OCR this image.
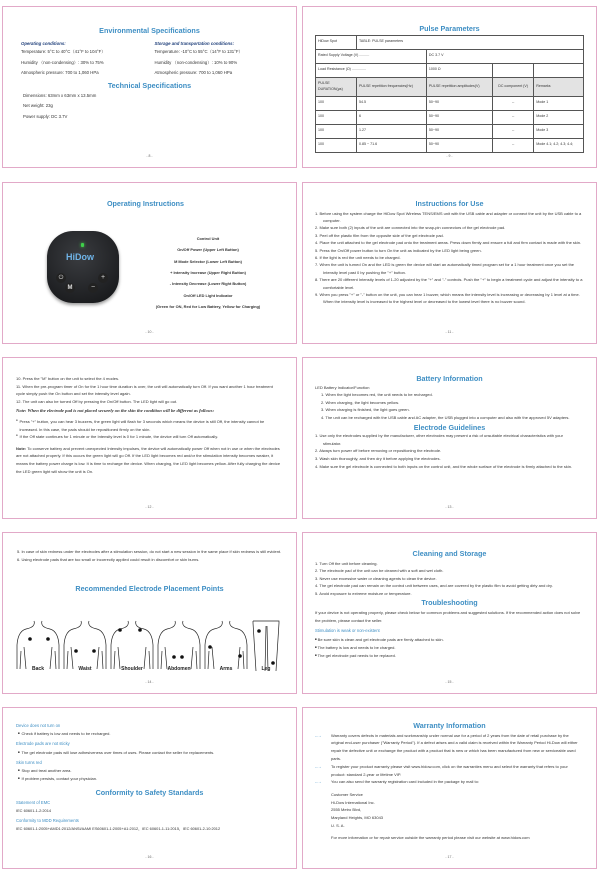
Environmental Specifications
Operating conditions:
Temperature: 5°C to 40°C（41°F to 104°F）
Humidity （non-condensing）: 30% to 75%
Atmospheric pressure: 700 to 1,060 HPa
Storage and transportation conditions:
Temperature: -10°C to 55°C（14°F to 131°F）
Humidity （non-condensing）: 10% to 90%
Atmospheric pressure: 700 to 1,060 HPa
Technical Specifications
Dimensions: 63mm x 63mm x 13.5mm
Net weight: 23g
Power supply: DC 3.7V
- 8 -
Pulse Parameters
HiDow Spot	TABLE: PULSE parameters			
Rated Supply Voltage (V) ..........		DC 3.7 V		
Load Resistance (Ω) ..............		1000 Ω		
PULSE DURATION(μs)	PULSE repetition frequencies(Hz)	PULSE repetition amplitudes(V)	DC component (V)	Remarks
100	54.5	50~90	--	Mode 1
100	6	50~90	--	Mode 2
100	1.27	50~90	--	Mode 3
100	0.85 ~ 71.6	50~90	--	Mode 4.1; 4.2; 4.3; 4.4;
- 9 -
Operating Instructions
HiDow
⏻
M	−
+
Control Unit
On/Off Power (Upper Left Button)
M Mode Selector (Lower Left Button)
+ Intensity Increase (Upper Right Button)
- Intensity Decrease (Lower Right Button)
On/Off LED Light Indicator
(Green for ON, Red for Low Battery, Yellow for Charging)
- 10 -
Instructions for Use
1. Before using the system charge the HiDow Spot Wireless TENS/EMS unit with the USB cable and adapter or connect the unit by the USB cable to a computer.
2. Make sure both (2) inputs of the unit are connected into the snap-pin connectors of the gel electrode pad.
3. Peel off the plastic film from the opposite side of the gel electrode pad.
4. Place the unit attached to the gel electrode pad onto the treatment areas. Press down firmly and ensure a full and firm contact is made with the skin.
5. Press the On/Off power button to turn On the unit as indicated by the LED light being green.
6. If the light is red the unit needs to be charged.
7. When the unit is turned On and the LED is green the device will start an automatically timed program set for a 1 hour treatment once you set the Intensity level past 0 by pushing the "+" button.
8. There are 20 different Intensity levels of 1-20 adjusted by the "+" and "-" controls. Push the "+" to begin a treatment cycle and adjust the intensity to a comfortable level.
9. When you press "+" or "-" button on the unit, you can hear 1 buzzer, which means the intensity level is increasing or decreasing by 1 level at a time. When the intensity level is increased to the highest level or decreased to the lowest level there is no buzzer sound.
- 11 -
10. Press the "M" button on the unit to select the 4 modes.
11. When the pre-program timer of On for the 1 hour time duration is over, the unit will automatically turn Off. If you want another 1 hour treatment cycle simply push the On button and set the intensity level again.
12. The unit can also be turned Off by pressing the On/Off button. The LED light will go out.
Note: When the electrode pad is not placed securely on the skin the condition will be different as follows:
● Press "+" button, you can hear 3 buzzers, the green light will flash for 3 seconds which means the device is still Off, the intensity cannot be increased. In this case, the pads should be repositioned firmly on the skin.
● If the Off state continues for 1 minute or the Intensity level is 0 for 1 minute, the device will turn Off automatically.
Note: To conserve battery and prevent unexpected Intensity impulses, the device will automatically power Off when not in use or when the electrodes are not attached properly. If this occurs the green light will go Off. If the LED light becomes red and/or the stimulation intensity becomes weaker, it means the battery power charge is low. It is time to recharge the device. When charging, the LED light becomes yellow. After fully charging the device the LED green light will show the unit is On.
- 12 -
Battery Information
LED Battery Indicator/Function
1. When the light becomes red, the unit needs to be recharged.
2. When charging, the light becomes yellow.
3. When charging is finished, the light goes green.
4. The unit can be recharged with the USB cable and AC adapter, the USB plugged into a computer and also with the approved 5V adapters.
Electrode Guidelines
1. Use only the electrodes supplied by the manufacturer, other electrodes may present a risk of unsuitable electrical characteristics with your stimulator.
2. Always turn power off before removing or repositioning the electrode.
3. Wash skin thoroughly, and then dry it before applying the electrodes.
4. Make sure the gel electrode is connected to both inputs on the control unit, and the whole surface of the electrode is firmly attached to the skin.
- 13 -
5. In case of skin redness under the electrodes after a stimulation session, do not start a new session in the same place if skin redness is still evident.
6. Using electrode pads that are too small or incorrectly applied could result in discomfort or skin burns.
Recommended Electrode Placement Points
Back	Waist	Shoulder	Abdomen	Arms	Leg
- 14 -
Cleaning and Storage
1. Turn Off the unit before cleaning.
2. The electrode pad of the unit can be cleaned with a soft and wet cloth.
3. Never use excessive water or cleaning agents to clean the device.
4. The gel electrode pad can remain on the control unit between uses, and are covered by the plastic film to avoid getting dirty and dry.
5. Avoid exposure to extreme moisture or temperature.
Troubleshooting
If your device is not operating properly, please check below for common problems and suggested solutions. If the recommended action does not solve the problem, please contact the seller.
Stimulation is weak or non-existent
■ Be sure skin is clean and gel electrode pads are firmly attached to skin.
■ The battery is low and needs to be charged.
■ The gel electrode pad needs to be replaced.
- 15 -
Device does not turn on
■ Check if battery is low and needs to be recharged.
Electrode pads are not sticky
■ The gel electrode pads will lose adhesiveness over times of uses. Please contact the seller for replacements.
Skin turns red
■ Stop and treat another area.
■ If problem persists, contact your physician.
Conformity to Safety Standards
Statement of EMC
IEC 60601-1-2:2014
Conformity to MDD Requirements
IEC 60601-1:2005+AMD1:2012/ANSI/AAMI ES60601-1:2005+A1:2012，IEC 60601-1-11:2015，IEC 60601-2-10:2012
- 16 -
Warranty Information
--→ Warranty covers defects in materials and workmanship under normal use for a period of 2 years from the date of retail purchase by the original end-user purchaser ("Warranty Period"). If a defect arises and a valid claim is received within the Warranty Period Hi-Dow will either repair the defective unit or exchange the product with a product that is new or which has been manufactured from new or serviceable used parts.
--→ To register your product warranty please visit www.hidow.com, click on the warranties menu and select the warranty that refers to your product: standard 2-year or lifetime VIP.
--→ You can also send the warranty registration card included in the package by mail to:
Customer Service
Hi-Dow International Inc.
2555 Metro Blvd,
Maryland Heights, MO 63043
U. S. A.
For more information or for repair service outside the warranty period please visit our website at www.hidow.com
- 17 -
